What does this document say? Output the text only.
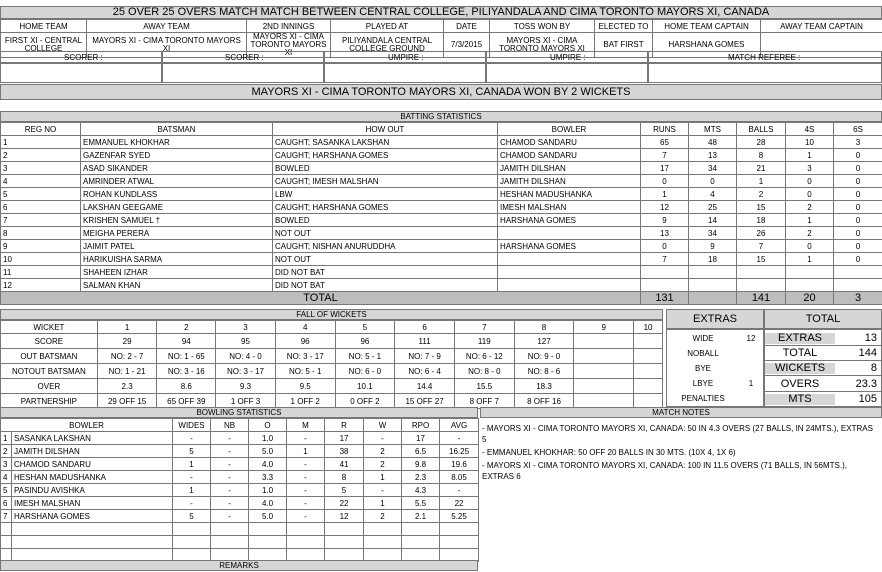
25 OVER 25 OVERS MATCH MATCH BETWEEN CENTRAL COLLEGE, PILIYANDALA AND CIMA TORONTO MAYORS XI, CANADA
HOME TEAM	AWAY TEAM	2ND INNINGS	PLAYED AT	DATE	TOSS WON BY	ELECTED TO	HOME TEAM CAPTAIN	AWAY TEAM CAPTAIN
FIRST XI - CENTRAL COLLEGE	MAYORS XI - CIMA TORONTO MAYORS XI	MAYORS XI - CIMA TORONTO MAYORS XI	PILIYANDALA CENTRAL COLLEGE GROUND	7/3/2015	MAYORS XI - CIMA TORONTO MAYORS XI	BAT FIRST	HARSHANA GOMES	
SCORER :	SCORER :	UMPIRE :	UMPIRE :	MATCH REFEREE :
MAYORS XI - CIMA TORONTO MAYORS XI, CANADA WON BY 2 WICKETS
BATTING STATISTICS
REG NO	BATSMAN	HOW OUT	BOWLER	RUNS	MTS	BALLS	4S	6S
1	EMMANUEL KHOKHAR	CAUGHT; SASANKA LAKSHAN	CHAMOD SANDARU	65	48	28	10	3
2	GAZENFAR SYED	CAUGHT; HARSHANA GOMES	CHAMOD SANDARU	7	13	8	1	0
3	ASAD SIKANDER	BOWLED	JAMITH DILSHAN	17	34	21	3	0
4	AMRINDER ATWAL	CAUGHT; IMESH MALSHAN	JAMITH DILSHAN	0	0	1	0	0
5	ROHAN KUNDLASS	LBW	HESHAN MADUSHANKA	1	4	2	0	0
6	LAKSHAN GEEGAME	CAUGHT; HARSHANA GOMES	IMESH MALSHAN	12	25	15	2	0
7	KRISHEN SAMUEL †	BOWLED	HARSHANA GOMES	9	14	18	1	0
8	MEIGHA PERERA	NOT OUT		13	34	26	2	0
9	JAIMIT PATEL	CAUGHT; NISHAN ANURUDDHA	HARSHANA GOMES	0	9	7	0	0
10	HARIKUISHA SARMA	NOT OUT		7	18	15	1	0
11	SHAHEEN IZHAR	DID NOT BAT						
12	SALMAN KHAN	DID NOT BAT						
TOTAL				131		141	20	3
FALL OF WICKETS
WICKET	1	2	3	4	5	6	7	8	9	10
SCORE	29	94	95	96	96	111	119	127		
OUT BATSMAN	NO: 2 - 7	NO: 1 - 65	NO: 4 - 0	NO: 3 - 17	NO: 5 - 1	NO: 7 - 9	NO: 6 - 12	NO: 9 - 0		
NOTOUT BATSMAN	NO: 1 - 21	NO: 3 - 16	NO: 3 - 17	NO: 5 - 1	NO: 6 - 0	NO: 6 - 4	NO: 8 - 0	NO: 8 - 6		
OVER	2.3	8.6	9.3	9.5	10.1	14.4	15.5	18.3		
PARTNERSHIP	29 OFF 15	65 OFF 39	1 OFF 3	1 OFF 2	0 OFF 2	15 OFF 27	8 OFF 7	8 OFF 16		
EXTRAS
WIDE	12
NOBALL
BYE
LBYE	1
PENALTIES
TOTAL
EXTRAS	13
TOTAL	144
WICKETS	8
OVERS	23.3
MTS	105
BOWLING STATISTICS
BOWLER		WIDES	NB	O	M	R	W	RPO	AVG
1	SASANKA LAKSHAN	-	-	1.0	-	17	-	17	-
2	JAMITH DILSHAN	5	-	5.0	1	38	2	6.5	16.25
3	CHAMOD SANDARU	1	-	4.0	-	41	2	9.8	19.6
4	HESHAN MADUSHANKA	-	-	3.3	-	8	1	2.3	8.05
5	PASINDU AVISHKA	1	-	1.0	-	5	-	4.3	-
6	IMESH MALSHAN	-	-	4.0	-	22	1	5.5	22
7	HARSHANA GOMES	5	-	5.0	-	12	2	2.1	5.25

MATCH NOTES
- MAYORS XI - CIMA TORONTO MAYORS XI, CANADA: 50 IN 4.3 OVERS (27 BALLS, IN 24MTS.), EXTRAS 5
- EMMANUEL KHOKHAR: 50 OFF 20 BALLS IN 30 MTS. (10X 4, 1X 6)
- MAYORS XI - CIMA TORONTO MAYORS XI, CANADA: 100 IN 11.5 OVERS (71 BALLS, IN 56MTS.), EXTRAS 6
REMARKS
